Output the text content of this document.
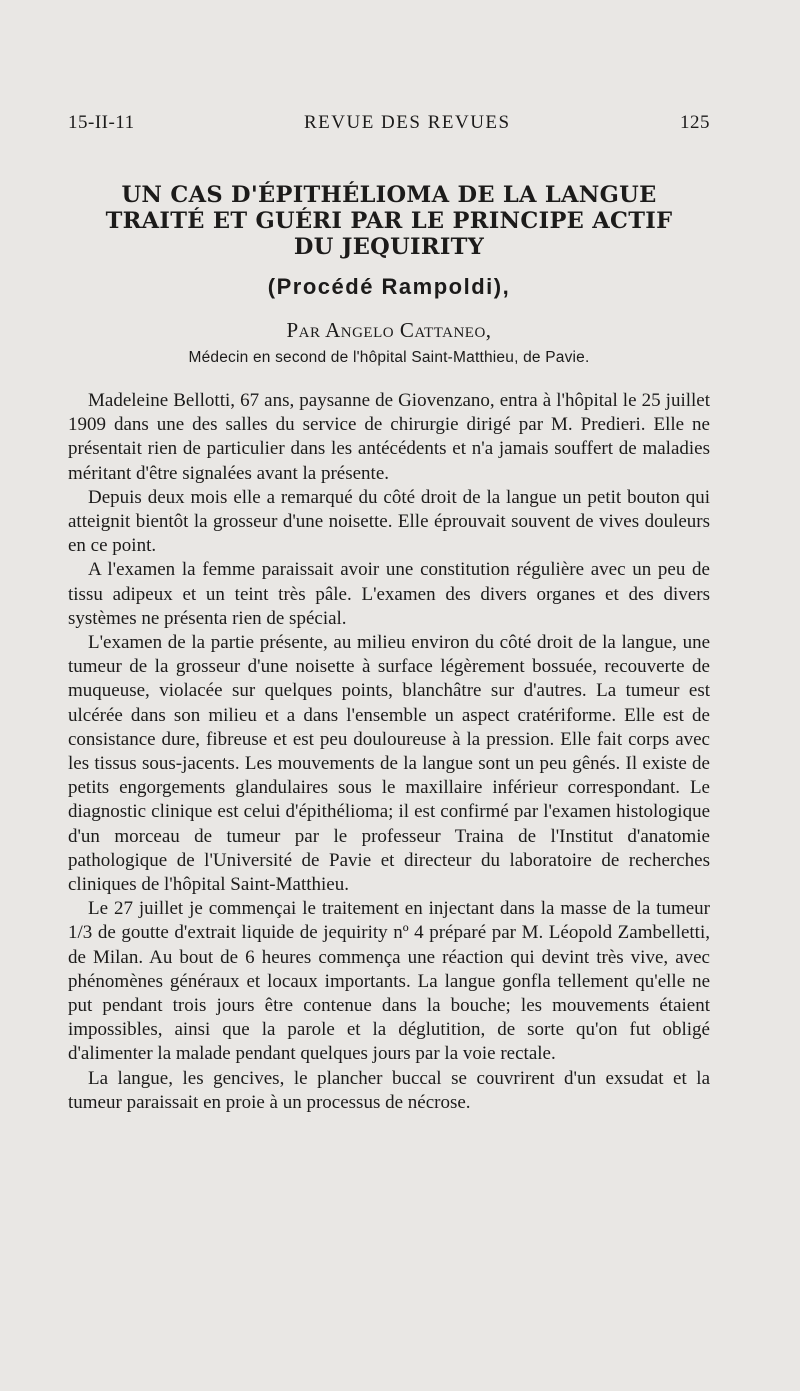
15-II-11	REVUE DES REVUES	125
UN CAS D'ÉPITHÉLIOMA DE LA LANGUE
TRAITÉ ET GUÉRI PAR LE PRINCIPE ACTIF
DU JEQUIRITY
(Procédé Rampoldi),
Par Angelo Cattaneo,
Médecin en second de l'hôpital Saint-Matthieu, de Pavie.

Madeleine Bellotti, 67 ans, paysanne de Giovenzano, entra à l'hôpital le 25 juillet 1909 dans une des salles du service de chirurgie dirigé par M. Predieri. Elle ne présentait rien de particulier dans les antécédents et n'a jamais souffert de maladies méritant d'être signalées avant la présente.

Depuis deux mois elle a remarqué du côté droit de la langue un petit bouton qui atteignit bientôt la grosseur d'une noisette. Elle éprouvait souvent de vives douleurs en ce point.

A l'examen la femme paraissait avoir une constitution régulière avec un peu de tissu adipeux et un teint très pâle. L'examen des divers organes et des divers systèmes ne présenta rien de spécial.

L'examen de la partie présente, au milieu environ du côté droit de la langue, une tumeur de la grosseur d'une noisette à surface légèrement bossuée, recouverte de muqueuse, violacée sur quelques points, blanchâtre sur d'autres. La tumeur est ulcérée dans son milieu et a dans l'ensemble un aspect cratériforme. Elle est de consistance dure, fibreuse et est peu douloureuse à la pression. Elle fait corps avec les tissus sous-jacents. Les mouvements de la langue sont un peu gênés. Il existe de petits engorgements glandulaires sous le maxillaire inférieur correspondant. Le diagnostic clinique est celui d'épithélioma; il est confirmé par l'examen histologique d'un morceau de tumeur par le professeur Traina de l'Institut d'anatomie pathologique de l'Université de Pavie et directeur du laboratoire de recherches cliniques de l'hôpital Saint-Matthieu.

Le 27 juillet je commençai le traitement en injectant dans la masse de la tumeur 1/3 de goutte d'extrait liquide de jequirity nº 4 préparé par M. Léopold Zambelletti, de Milan. Au bout de 6 heures commença une réaction qui devint très vive, avec phénomènes généraux et locaux importants. La langue gonfla tellement qu'elle ne put pendant trois jours être contenue dans la bouche; les mouvements étaient impossibles, ainsi que la parole et la déglutition, de sorte qu'on fut obligé d'alimenter la malade pendant quelques jours par la voie rectale.

La langue, les gencives, le plancher buccal se couvrirent d'un exsudat et la tumeur paraissait en proie à un processus de nécrose.
